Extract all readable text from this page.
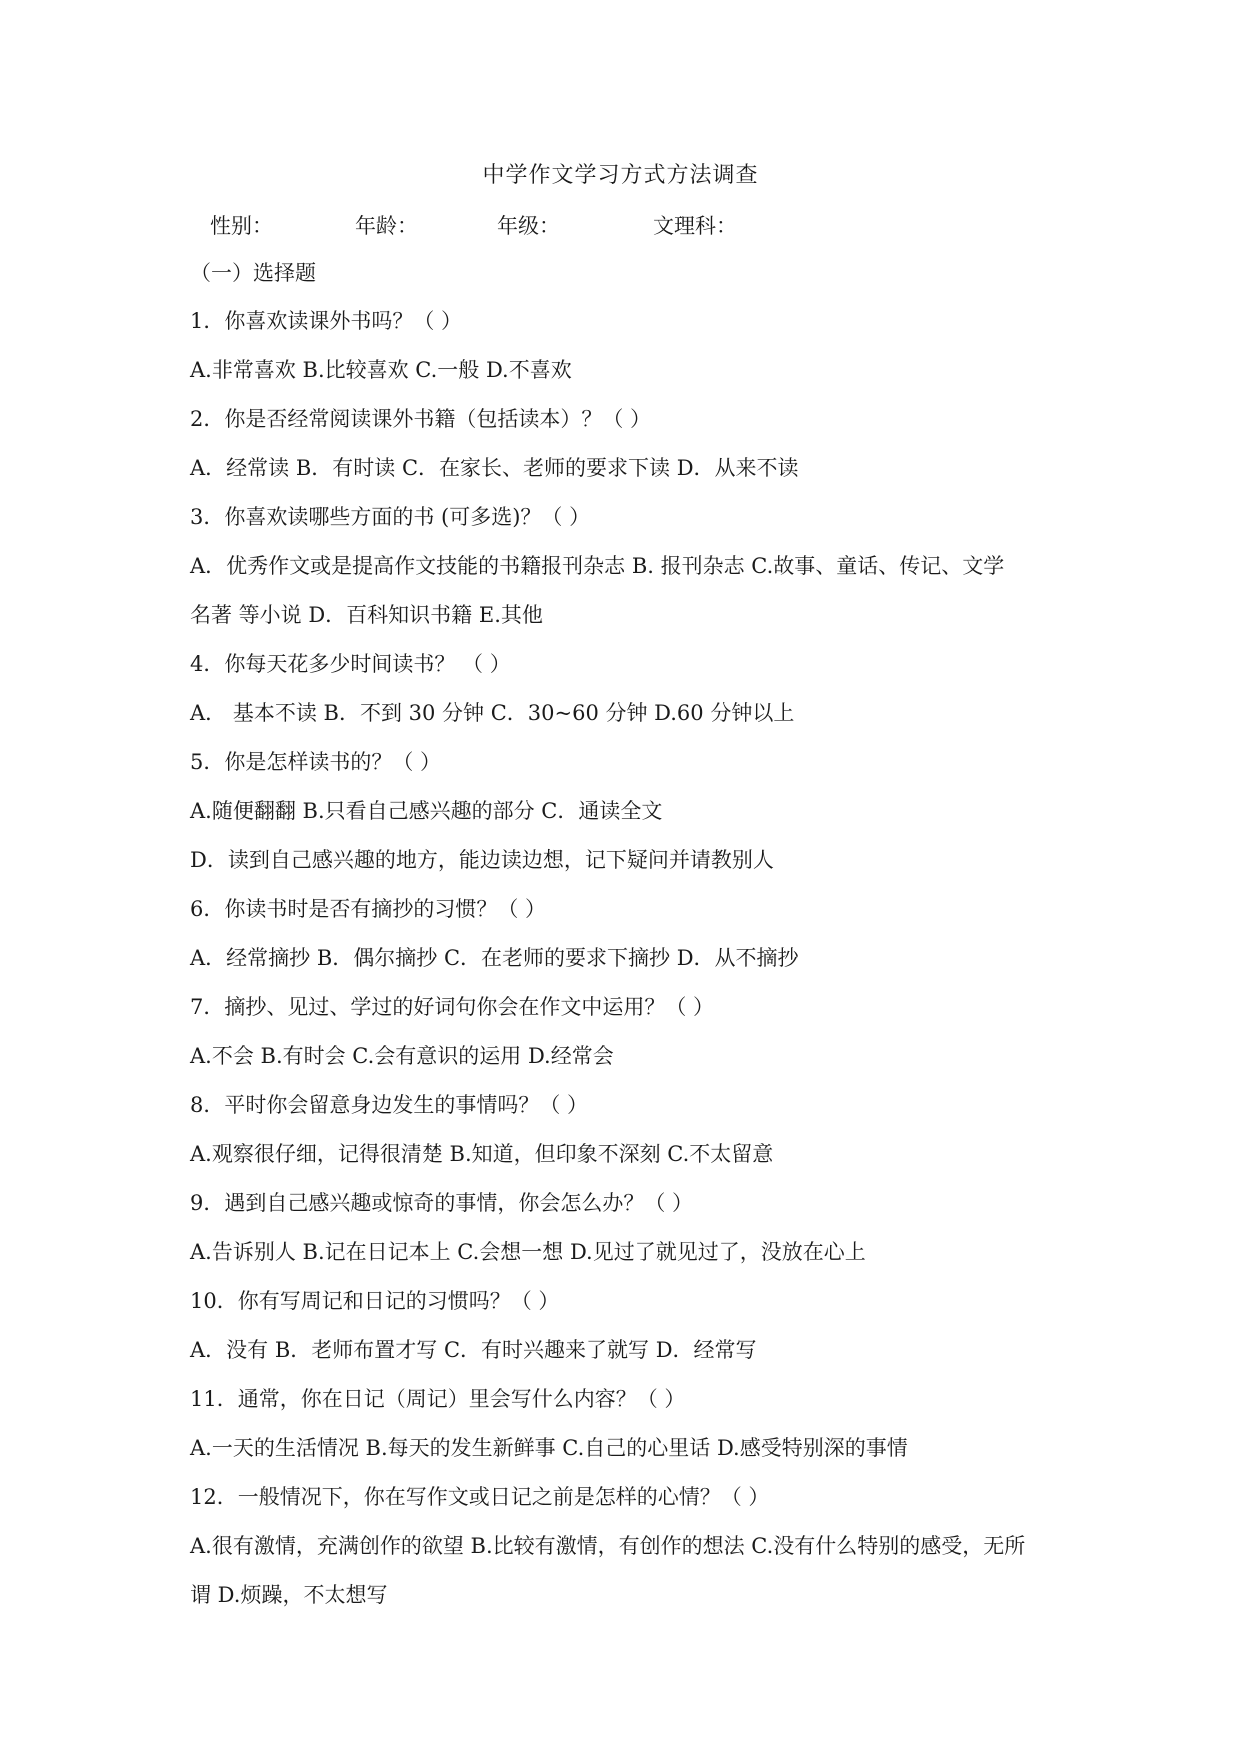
中学作文学习方式方法调查
性别：	年龄：	年级：	文理科：
（一）选择题
1．你喜欢读课外书吗？（ ）
A.非常喜欢 B.比较喜欢 C.一般 D.不喜欢
2．你是否经常阅读课外书籍（包括读本）？（ ）
A．经常读 B．有时读 C．在家长、老师的要求下读 D．从来不读
3．你喜欢读哪些方面的书 (可多选)？（ ）
A．优秀作文或是提高作文技能的书籍报刊杂志 B. 报刊杂志 C.故事、童话、传记、文学
名著 等小说 D．百科知识书籍 E.其他
4．你每天花多少时间读书？ （ ）
A． 基本不读 B．不到 30 分钟 C．30~60 分钟 D.60 分钟以上
5．你是怎样读书的？（ ）
A.随便翻翻 B.只看自己感兴趣的部分 C．通读全文
D．读到自己感兴趣的地方，能边读边想，记下疑问并请教别人
6．你读书时是否有摘抄的习惯？（ ）
A．经常摘抄 B．偶尔摘抄 C．在老师的要求下摘抄 D．从不摘抄
7．摘抄、见过、学过的好词句你会在作文中运用？（ ）
A.不会 B.有时会 C.会有意识的运用 D.经常会
8．平时你会留意身边发生的事情吗？（ ）
A.观察很仔细，记得很清楚 B.知道，但印象不深刻 C.不太留意
9．遇到自己感兴趣或惊奇的事情，你会怎么办？（ ）
A.告诉别人 B.记在日记本上 C.会想一想 D.见过了就见过了，没放在心上
10．你有写周记和日记的习惯吗？（ ）
A．没有 B．老师布置才写 C．有时兴趣来了就写 D．经常写
11．通常，你在日记（周记）里会写什么内容？（ ）
A.一天的生活情况 B.每天的发生新鲜事 C.自己的心里话 D.感受特别深的事情
12．一般情况下，你在写作文或日记之前是怎样的心情？（ ）
A.很有激情，充满创作的欲望 B.比较有激情，有创作的想法 C.没有什么特别的感受，无所
谓 D.烦躁，不太想写
